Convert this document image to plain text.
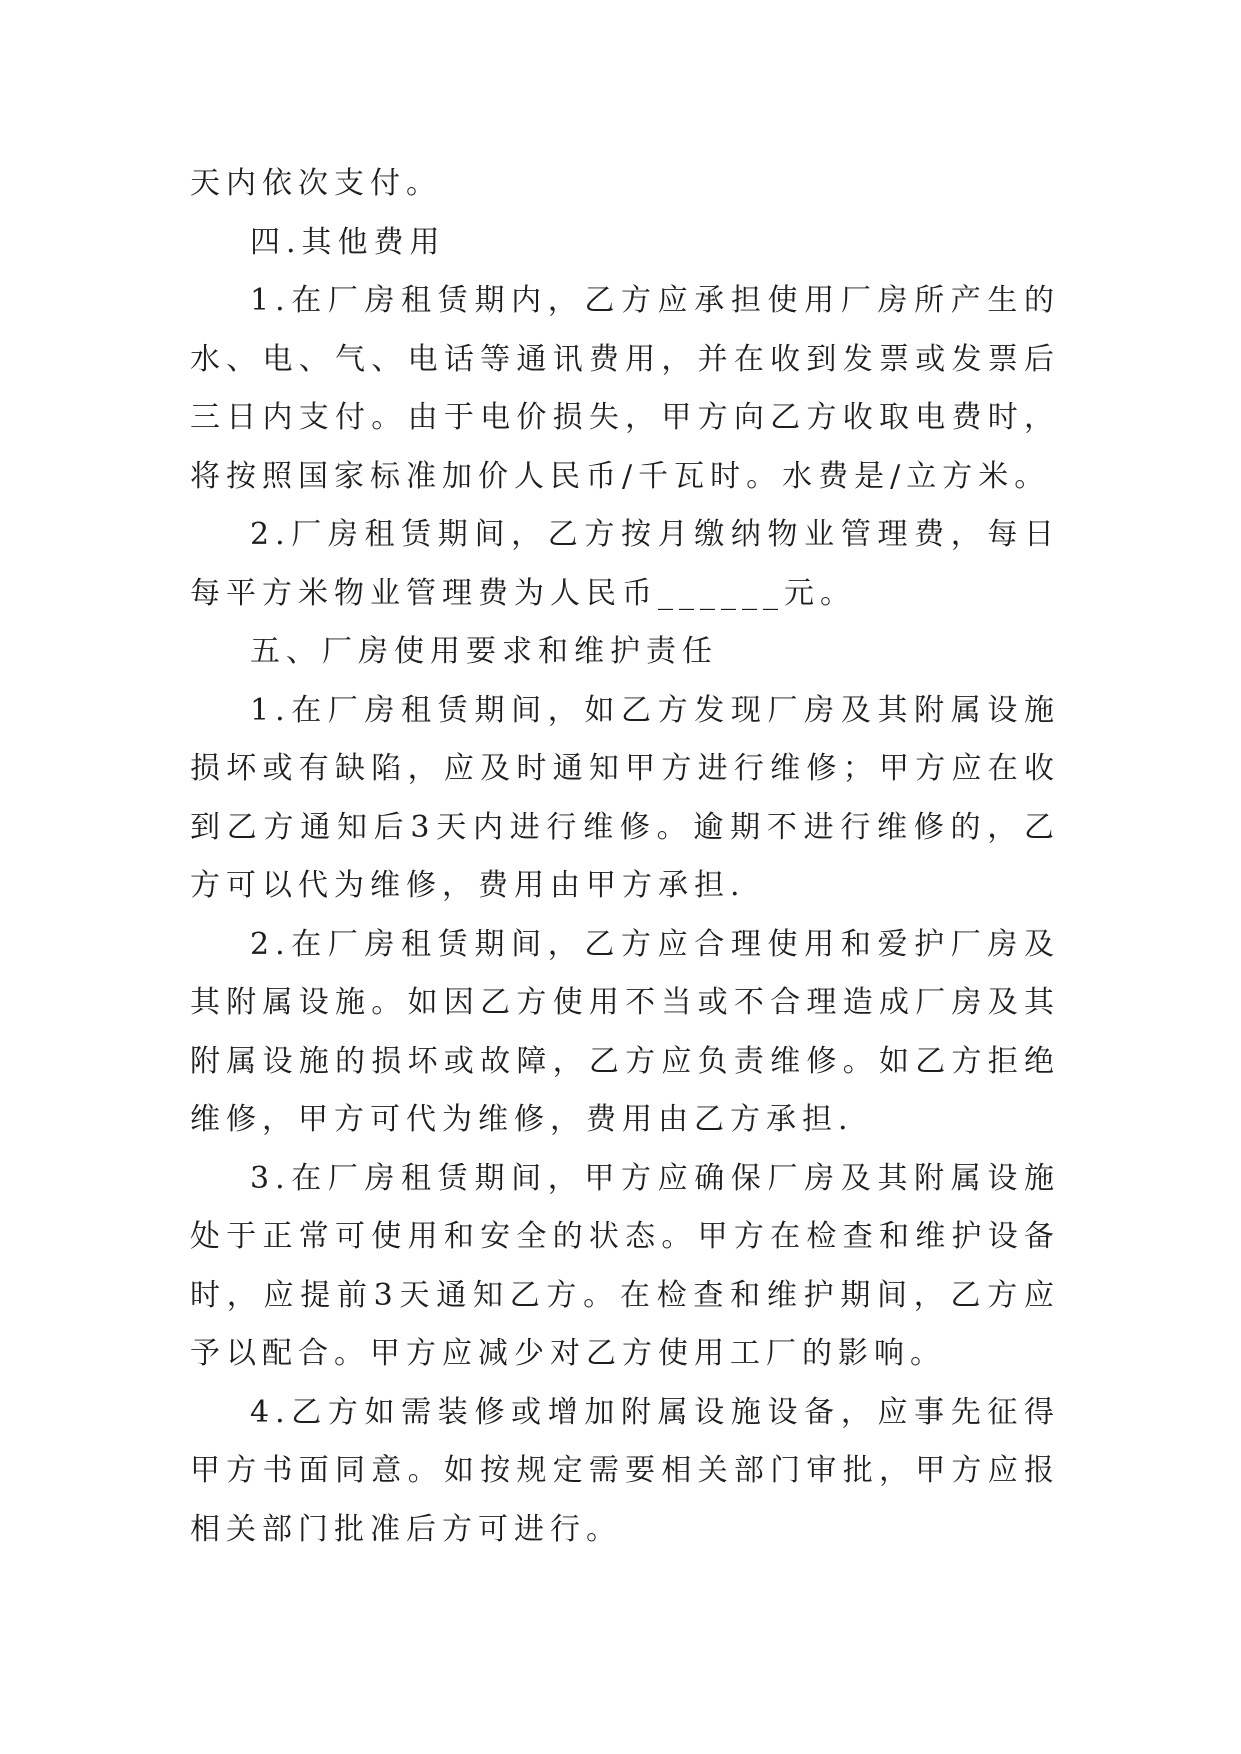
天内依次支付。

四.其他费用

1.在厂房租赁期内，乙方应承担使用厂房所产生的水、电、气、电话等通讯费用，并在收到发票或发票后三日内支付。由于电价损失，甲方向乙方收取电费时，将按照国家标准加价人民币/千瓦时。水费是/立方米。

2.厂房租赁期间，乙方按月缴纳物业管理费，每日每平方米物业管理费为人民币______元。

五、厂房使用要求和维护责任

1.在厂房租赁期间，如乙方发现厂房及其附属设施损坏或有缺陷，应及时通知甲方进行维修；甲方应在收到乙方通知后3天内进行维修。逾期不进行维修的，乙方可以代为维修，费用由甲方承担.

2.在厂房租赁期间，乙方应合理使用和爱护厂房及其附属设施。如因乙方使用不当或不合理造成厂房及其附属设施的损坏或故障，乙方应负责维修。如乙方拒绝维修，甲方可代为维修，费用由乙方承担.

3.在厂房租赁期间，甲方应确保厂房及其附属设施处于正常可使用和安全的状态。甲方在检查和维护设备时，应提前3天通知乙方。在检查和维护期间，乙方应予以配合。甲方应减少对乙方使用工厂的影响。

4.乙方如需装修或增加附属设施设备，应事先征得甲方书面同意。如按规定需要相关部门审批，甲方应报相关部门批准后方可进行。
